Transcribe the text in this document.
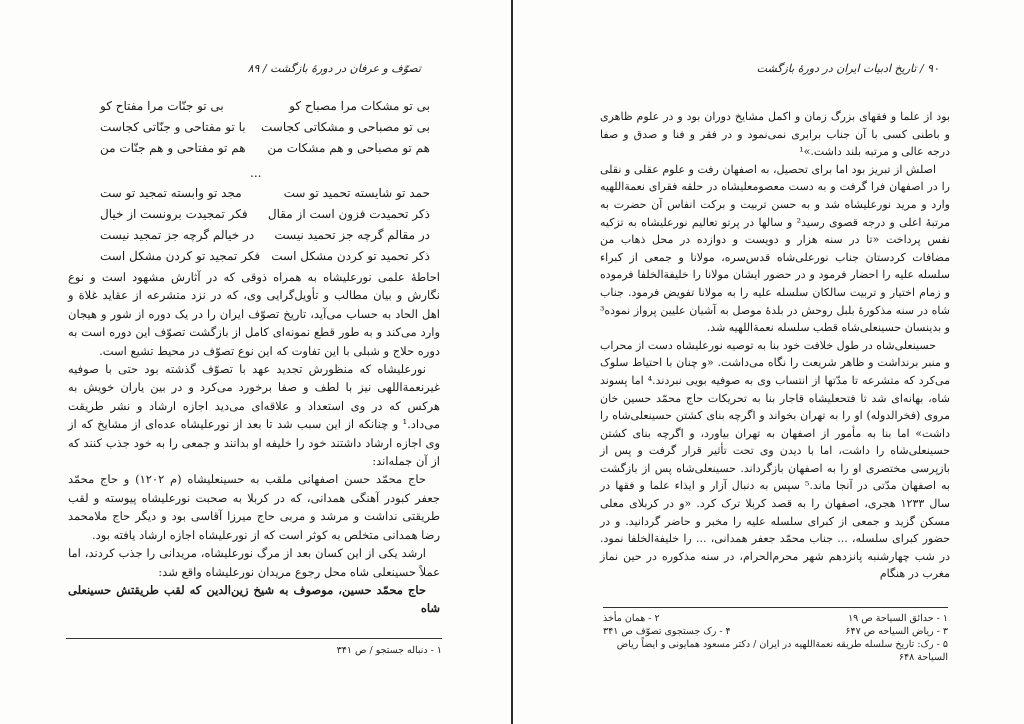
تصوّف و عرفان در دورهٔ بازگشت / ۸۹
بی تو مشکات مرا مصباح کو
بی تو جنّات مرا مفتاح کو
بی تو مصباحی و مشکاتی کجاست
با تو مفتاحی و جنّاتی کجاست
هم تو مصباحی و هم مشکات من
هم تو مفتاحی و هم جنّات من
...
حمد تو شایسته تحمید تو ست
مجد تو وابسته تمجید تو ست
ذکر تحمیدت فزون است از مقال
فکر تمجیدت برونست از خیال
در مقالم گرچه جز تحمید نیست
در خیالم گرچه جز تمجید نیست
ذکر تحمید تو کردن مشکل است
فکر تمجید تو کردن مشکل است

احاطهٔ علمی نورعلیشاه به همراه ذوقی که در آثارش مشهود است و نوع نگارش و بیان مطالب و تأویل‌گرایی وی، که در نزد متشرعه از عقاید غلاة و اهل الحاد به حساب می‌آید، تاریخ تصوّف ایران را در یک دوره از شور و هیجان وارد می‌کند و به طور قطع نمونه‌ای کامل از بازگشت تصوّف این دوره است به دوره حلاج و شبلی با این تفاوت که این نوع تصوّف در محیط تشیع است.

نورعلیشاه که منظورش تجدید عهد با تصوّف گذشته بود حتی با صوفیه غیرنعمة‌اللهی نیز با لطف و صفا برخورد می‌کرد و در بین یاران خویش به هرکس که در وی استعداد و علاقه‌ای می‌دید اجازه ارشاد و نشر طریقت می‌داد.¹ و چنانکه از این سبب شد تا بعد از نورعلیشاه عده‌ای از مشایخ که از وی اجازه ارشاد داشتند خود را خلیفه او بدانند و جمعی را به خود جذب کنند که از آن جمله‌اند:

حاج محمّد حسن اصفهانی ملقب به حسینعلیشاه (م ۱۲۰۲) و حاج محمّد جعفر کبودر آهنگی همدانی، که در کربلا به صحبت نورعلیشاه پیوسته و لقب طریقتی نداشت و مرشد و مربی حاج میرزا آقاسی بود و دیگر حاج ملامحمد رضا همدانی متخلص به کوثر است که از نورعلیشاه اجازه ارشاد یافته بود.

ارشد یکی از این کسان بعد از مرگ نورعلیشاه، مریدانی را جذب کردند، اما عملاً حسینعلی شاه محل رجوع مریدان نورعلیشاه واقع شد:

حاج محمّد حسین، موصوف به شیخ زین‌الدین که لقب طریقتش حسینعلی شاه

۱ - دنباله جستجو / ص ۳۴۱
۹۰ / تاریخ ادبیات ایران در دورهٔ بازگشت

بود از علما و فقهای بزرگ زمان و اکمل مشایخ دوران بود و در علوم ظاهری و باطنی کسی با آن جناب برابری نمی‌نمود و در فقر و فنا و صدق و صفا درجه عالی و مرتبه بلند داشت.»¹

اصلش از تبریز بود اما برای تحصیل، به اصفهان رفت و علوم عقلی و نقلی را در اصفهان فرا گرفت و به دست معصومعلیشاه در حلقه فقرای نعمة‌اللهیه وارد و مرید نورعلیشاه شد و به حسن تربیت و برکت انفاس آن حضرت به مرتبهٔ اعلی و درجه قصوی رسید² و سالها در پرتو تعالیم نورعلیشاه به تزکیه نفس پرداخت «تا در سنه هزار و دویست و دوازده در محل ذهاب من مضافات کردستان جناب نورعلی‌شاه قدس‌سره، مولانا و جمعی از کبراء سلسله علیه را احضار فرمود و در حضور ایشان مولانا را خلیفة‌الخلفا فرموده و زمام اختیار و تربیت سالکان سلسله علیه را به مولانا تفویض فرمود. جناب شاه در سنه مذکورهٔ بلبل روحش در بلدهٔ موصل به آشیان علیین پرواز نموده³ و بدینسان حسینعلی‌شاه قطب سلسله نعمة‌اللهیه شد.

حسینعلی‌شاه در طول خلافت خود بنا به توصیه نورعلیشاه دست از محراب و منبر برنداشت و ظاهر شریعت را نگاه می‌داشت. «و چنان با احتیاط سلوک می‌کرد که متشرعه تا مدّتها از انتساب وی به صوفیه بویی نبردند.⁴ اما پسوند شاه، بهانه‌ای شد تا فتحعلیشاه قاجار بنا به تحریکات حاج محمّد حسین خان مروی (فخرالدوله) او را به تهران بخواند و اگرچه بنای کشتن حسینعلی‌شاه را داشت» اما بنا به مأمور از اصفهان به تهران بیاورد، و اگرچه بنای کشتن حسینعلی‌شاه را داشت، اما با دیدن وی تحت تأثیر قرار گرفت و پس از بازپرسی مختصری او را به اصفهان بازگرداند. حسینعلی‌شاه پس از بازگشت به اصفهان مدّتی در آنجا ماند.⁵ سپس به دنبال آزار و ایذاء علما و فقها در سال ۱۲۳۳ هجری، اصفهان را به قصد کربلا ترک کرد. «و در کربلای معلی مسکن گزید و جمعی از کبرای سلسله علیه را مخبر و حاضر گردانید. و در حضور کبرای سلسله، ... جناب محمّد جعفر همدانی، ... را خلیفة‌الخلفا نمود. در شب چهارشنبه پانزدهم شهر محرم‌الحرام، در سنه مذکوره در حین نماز مغرب در هنگام

۱ - حدائق السیاحة ص ۱۹
۲ - همان مأخذ
۳ - ریاض السیاحه ص ۶۴۷
۴ - رک جستجوی تصوّف ص ۳۴۱
۵ - رک: تاریخ سلسله طریقه نعمة‌اللهیه در ایران / دکتر مسعود همایونی و ایضاً ریاض السیاحة ۶۴۸
